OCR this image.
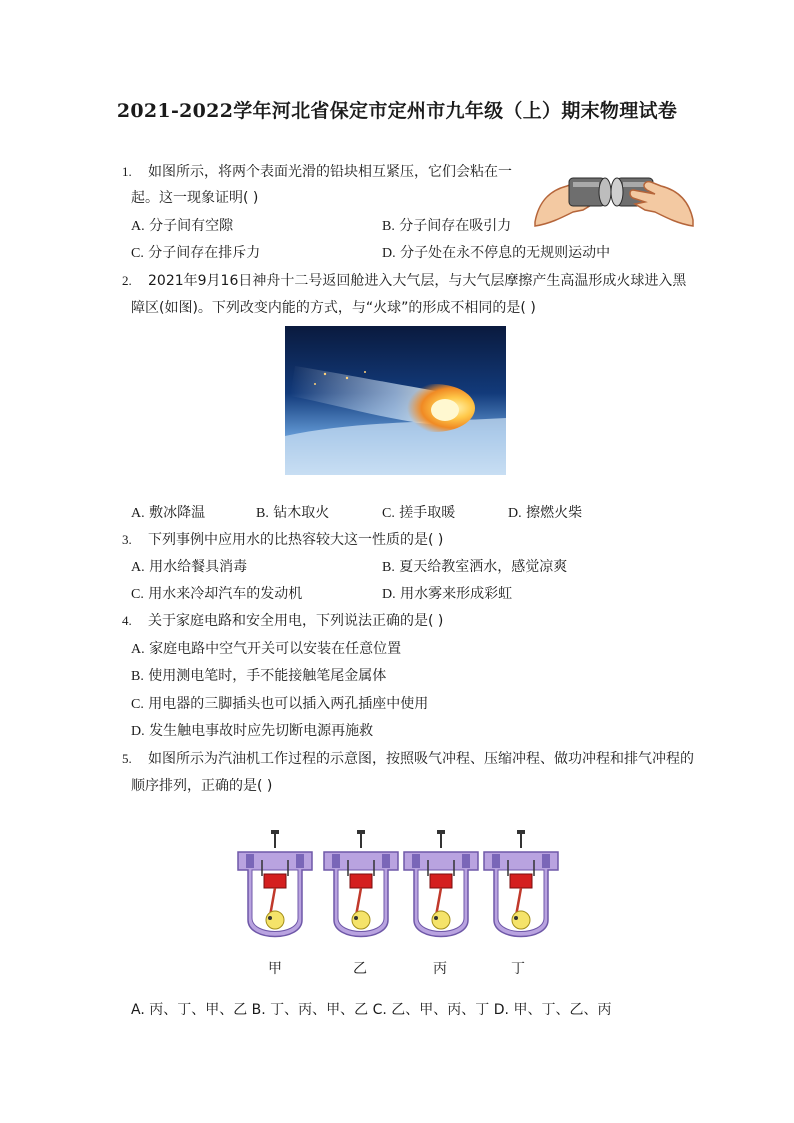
2021-2022学年河北省保定市定州市九年级（上）期末物理试卷
1. 如图所示，将两个表面光滑的铅块相互紧压，它们会粘在一
起。这一现象证明( )
A. 分子间有空隙	B. 分子间存在吸引力
C. 分子间存在排斥力	D. 分子处在永不停息的无规则运动中
2. 2021年9月16日神舟十二号返回舱进入大气层，与大气层摩擦产生高温形成火球进入黑
障区(如图)。下列改变内能的方式，与“火球”的形成不相同的是( )
A. 敷冰降温	B. 钻木取火	C. 搓手取暖	D. 擦燃火柴
3. 下列事例中应用水的比热容较大这一性质的是( )
A. 用水给餐具消毒	B. 夏天给教室洒水，感觉凉爽
C. 用水来冷却汽车的发动机	D. 用水雾来形成彩虹
4. 关于家庭电路和安全用电，下列说法正确的是( )
A. 家庭电路中空气开关可以安装在任意位置
B. 使用测电笔时，手不能接触笔尾金属体
C. 用电器的三脚插头也可以插入两孔插座中使用
D. 发生触电事故时应先切断电源再施救
5. 如图所示为汽油机工作过程的示意图，按照吸气冲程、压缩冲程、做功冲程和排气冲程的
顺序排列，正确的是( )
甲	乙	丙	丁
A. 丙、丁、甲、乙 B. 丁、丙、甲、乙 C. 乙、甲、丙、丁 D. 甲、丁、乙、丙
